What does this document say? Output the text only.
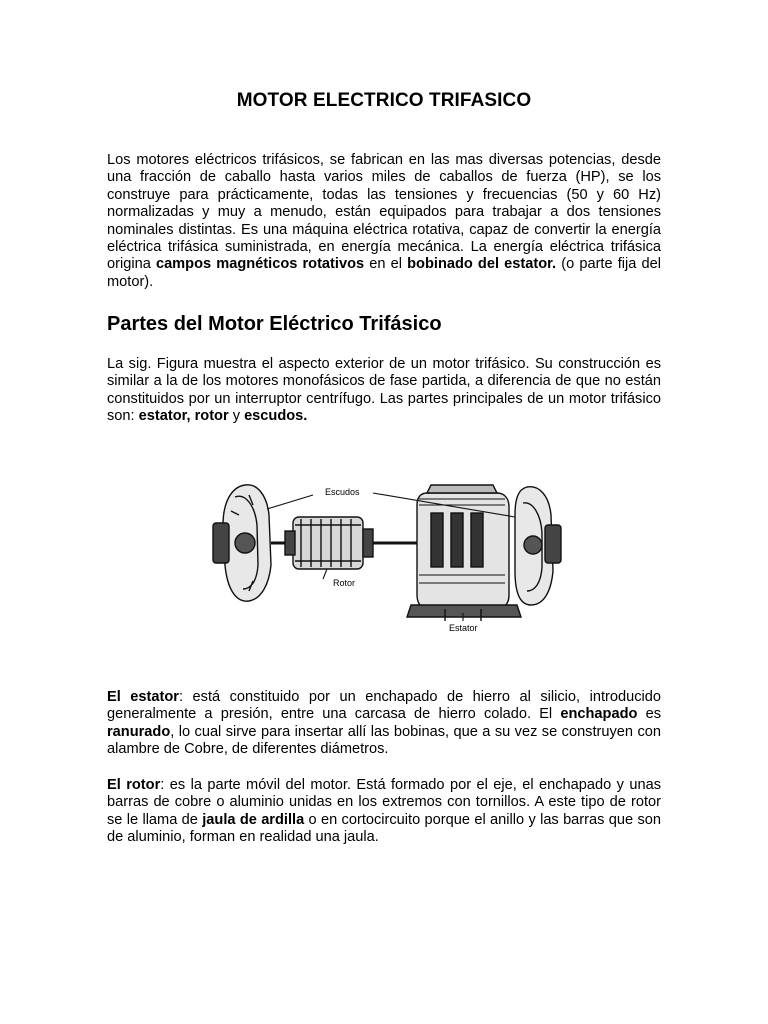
MOTOR ELECTRICO TRIFASICO

Los motores eléctricos trifásicos, se fabrican en las mas diversas potencias, desde una fracción de caballo hasta varios miles de caballos de fuerza (HP), se los construye para prácticamente, todas las tensiones y frecuencias (50 y 60 Hz) normalizadas y muy a menudo, están equipados para trabajar a dos tensiones nominales distintas. Es una máquina eléctrica rotativa, capaz de convertir la energía eléctrica trifásica suministrada, en energía mecánica. La energía eléctrica trifásica origina campos magnéticos rotativos en el bobinado del estator. (o parte fija del motor).

Partes del Motor Eléctrico Trifásico

La sig. Figura muestra el aspecto exterior de un motor trifásico. Su construcción es similar a la de los motores monofásicos de fase partida, a diferencia de que no están constituidos por un interruptor centrífugo. Las partes principales de un motor trifásico son: estator, rotor y escudos.

Escudos
Rotor
Estator

El estator: está constituido por un enchapado de hierro al silicio, introducido generalmente a presión, entre una carcasa de hierro colado. El enchapado es ranurado, lo cual sirve para insertar allí las bobinas, que a su vez se construyen con alambre de Cobre, de diferentes diámetros.

El rotor: es la parte móvil del motor. Está formado por el eje, el enchapado y unas barras de cobre o aluminio unidas en los extremos con tornillos. A este tipo de rotor se le llama de jaula de ardilla o en cortocircuito porque el anillo y las barras que son de aluminio, forman en realidad una jaula.
